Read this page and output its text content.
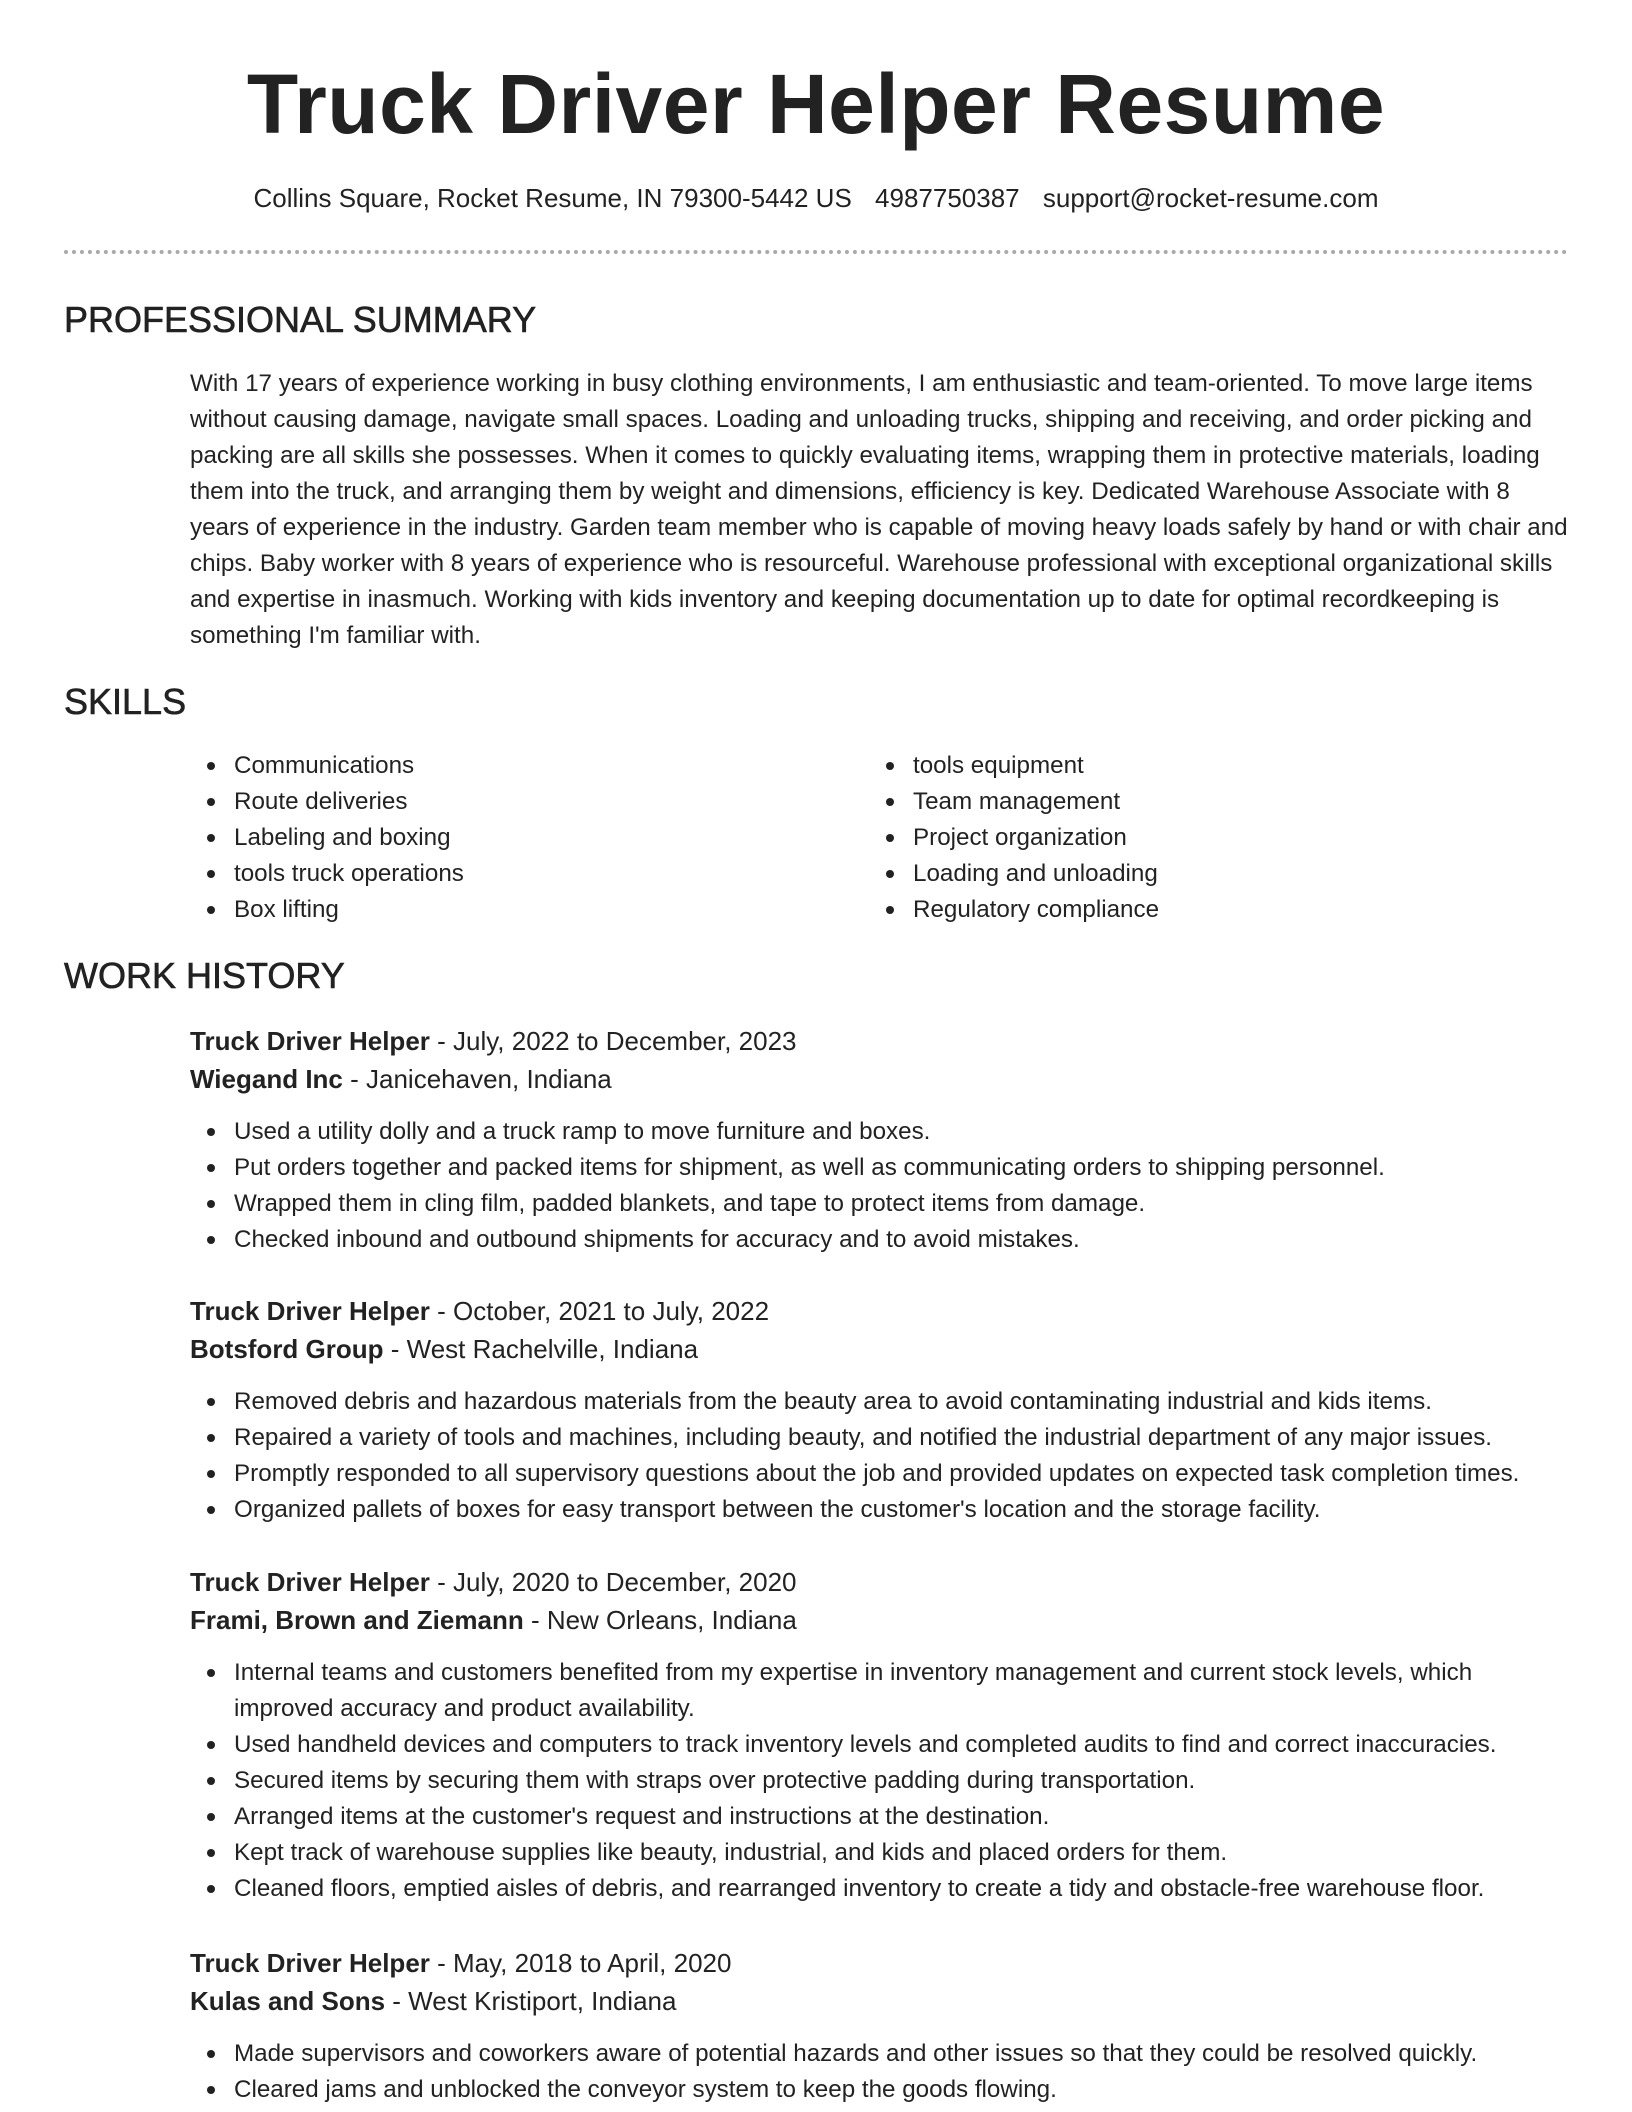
Truck Driver Helper Resume
Collins Square, Rocket Resume, IN 79300-5442 US 4987750387 support@rocket-resume.com
PROFESSIONAL SUMMARY

With 17 years of experience working in busy clothing environments, I am enthusiastic and team-oriented. To move large items without causing damage, navigate small spaces. Loading and unloading trucks, shipping and receiving, and order picking and packing are all skills she possesses. When it comes to quickly evaluating items, wrapping them in protective materials, loading them into the truck, and arranging them by weight and dimensions, efficiency is key. Dedicated Warehouse Associate with 8 years of experience in the industry. Garden team member who is capable of moving heavy loads safely by hand or with chair and chips. Baby worker with 8 years of experience who is resourceful. Warehouse professional with exceptional organizational skills and expertise in inasmuch. Working with kids inventory and keeping documentation up to date for optimal recordkeeping is something I'm familiar with.

SKILLS
Communications
Route deliveries
Labeling and boxing
tools truck operations
Box lifting
tools equipment
Team management
Project organization
Loading and unloading
Regulatory compliance
WORK HISTORY
Truck Driver Helper - July, 2022 to December, 2023
Wiegand Inc - Janicehaven, Indiana
Used a utility dolly and a truck ramp to move furniture and boxes.
Put orders together and packed items for shipment, as well as communicating orders to shipping personnel.
Wrapped them in cling film, padded blankets, and tape to protect items from damage.
Checked inbound and outbound shipments for accuracy and to avoid mistakes.
Truck Driver Helper - October, 2021 to July, 2022
Botsford Group - West Rachelville, Indiana
Removed debris and hazardous materials from the beauty area to avoid contaminating industrial and kids items.
Repaired a variety of tools and machines, including beauty, and notified the industrial department of any major issues.
Promptly responded to all supervisory questions about the job and provided updates on expected task completion times.
Organized pallets of boxes for easy transport between the customer's location and the storage facility.
Truck Driver Helper - July, 2020 to December, 2020
Frami, Brown and Ziemann - New Orleans, Indiana
Internal teams and customers benefited from my expertise in inventory management and current stock levels, which improved accuracy and product availability.
Used handheld devices and computers to track inventory levels and completed audits to find and correct inaccuracies.
Secured items by securing them with straps over protective padding during transportation.
Arranged items at the customer's request and instructions at the destination.
Kept track of warehouse supplies like beauty, industrial, and kids and placed orders for them.
Cleaned floors, emptied aisles of debris, and rearranged inventory to create a tidy and obstacle-free warehouse floor.
Truck Driver Helper - May, 2018 to April, 2020
Kulas and Sons - West Kristiport, Indiana
Made supervisors and coworkers aware of potential hazards and other issues so that they could be resolved quickly.
Cleared jams and unblocked the conveyor system to keep the goods flowing.
